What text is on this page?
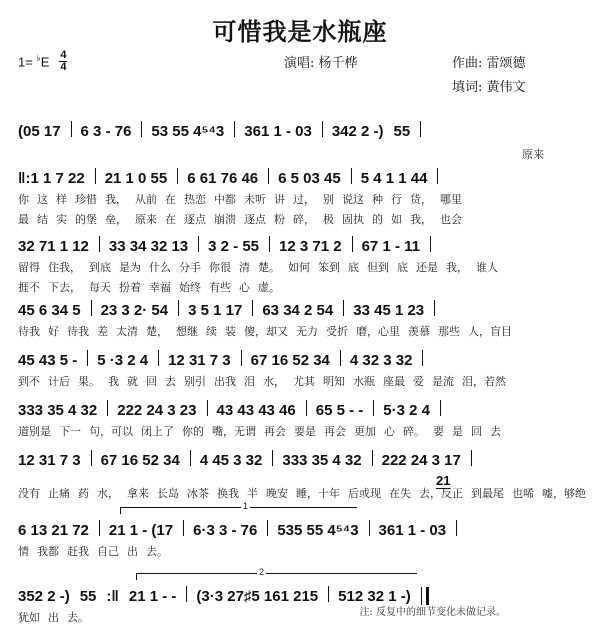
可惜我是水瓶座
1= ♭E 4
4	演唱: 杨千桦	作曲: 雷颂德
填词: 黄伟文
(05 17 6 3 - 76 53 55 4⁵⁴3 361 1 - 03 342 2 -) 55
原来
‖:1 1 7 22 21 1 0 55 6 61 76 46 6 5 03 45 5 4 1 1 44
你 这 样 珍惜 我， 从前 在 热恋 中都 未听 讲 过， 别 说这 种 行 货， 哪里
最 结 实 的堡 垒， 原来 在 逐点 崩溃 逐点 粉 碎， 极 固执 的 如 我， 也会
32 71 1 12 33 34 32 13 3 2 - 55 12 3 71 2 67 1 - 11
留得 住我， 到底 是为 什么 分手 你很 清 楚。 如何 笨到 底 但到 底 还是 我， 谁人
捱不 下去， 每天 扮着 幸福 始终 有些 心 虚。
45 6 34 5 23 3 2· 54 3 5 1 17 63 34 2 54 33 45 1 23
待我 好 待我 差 太清 楚， 想继 续 装 傻，却又 无力 受折 磨，心里 羡慕 那些 人，盲目
45 43 5 - 5 ·3 2 4 12 31 7 3 67 16 52 34 4 32 3 32
到不 计后 果。 我 就 回 去 别引 出我 泪 水， 尤其 明知 水瓶 座最 爱 是流 泪，若然
333 35 4 32 222 24 3 23 43 43 43 46 65 5 - - 5·3 2 4
道别是 下一 句，可以 闭上了 你的 嘴，无谓 再会 要是 再会 更加 心 碎。 要 是 回 去
12 31 7 3 67 16 52 34 4 45 3 32 333 35 4 32 222 24 3 17
21
没有 止痛 药 水， 拿来 长岛 冰茶 换我 半 晚安 睡，十年 后或现 在失 去，反正 到最尾 也唏 嘘，够绝
1
6 13 21 72 21 1 - (17 6·3 3 - 76 535 55 4⁵⁴3 361 1 - 03
情 我都 赶我 自己 出 去。
2
352 2 -) 55 :‖ 21 1 - - (3·3 27♯5 161 215 512 32 1 -)
犹如 出 去。	注: 反复中的细节变化未做记录。
